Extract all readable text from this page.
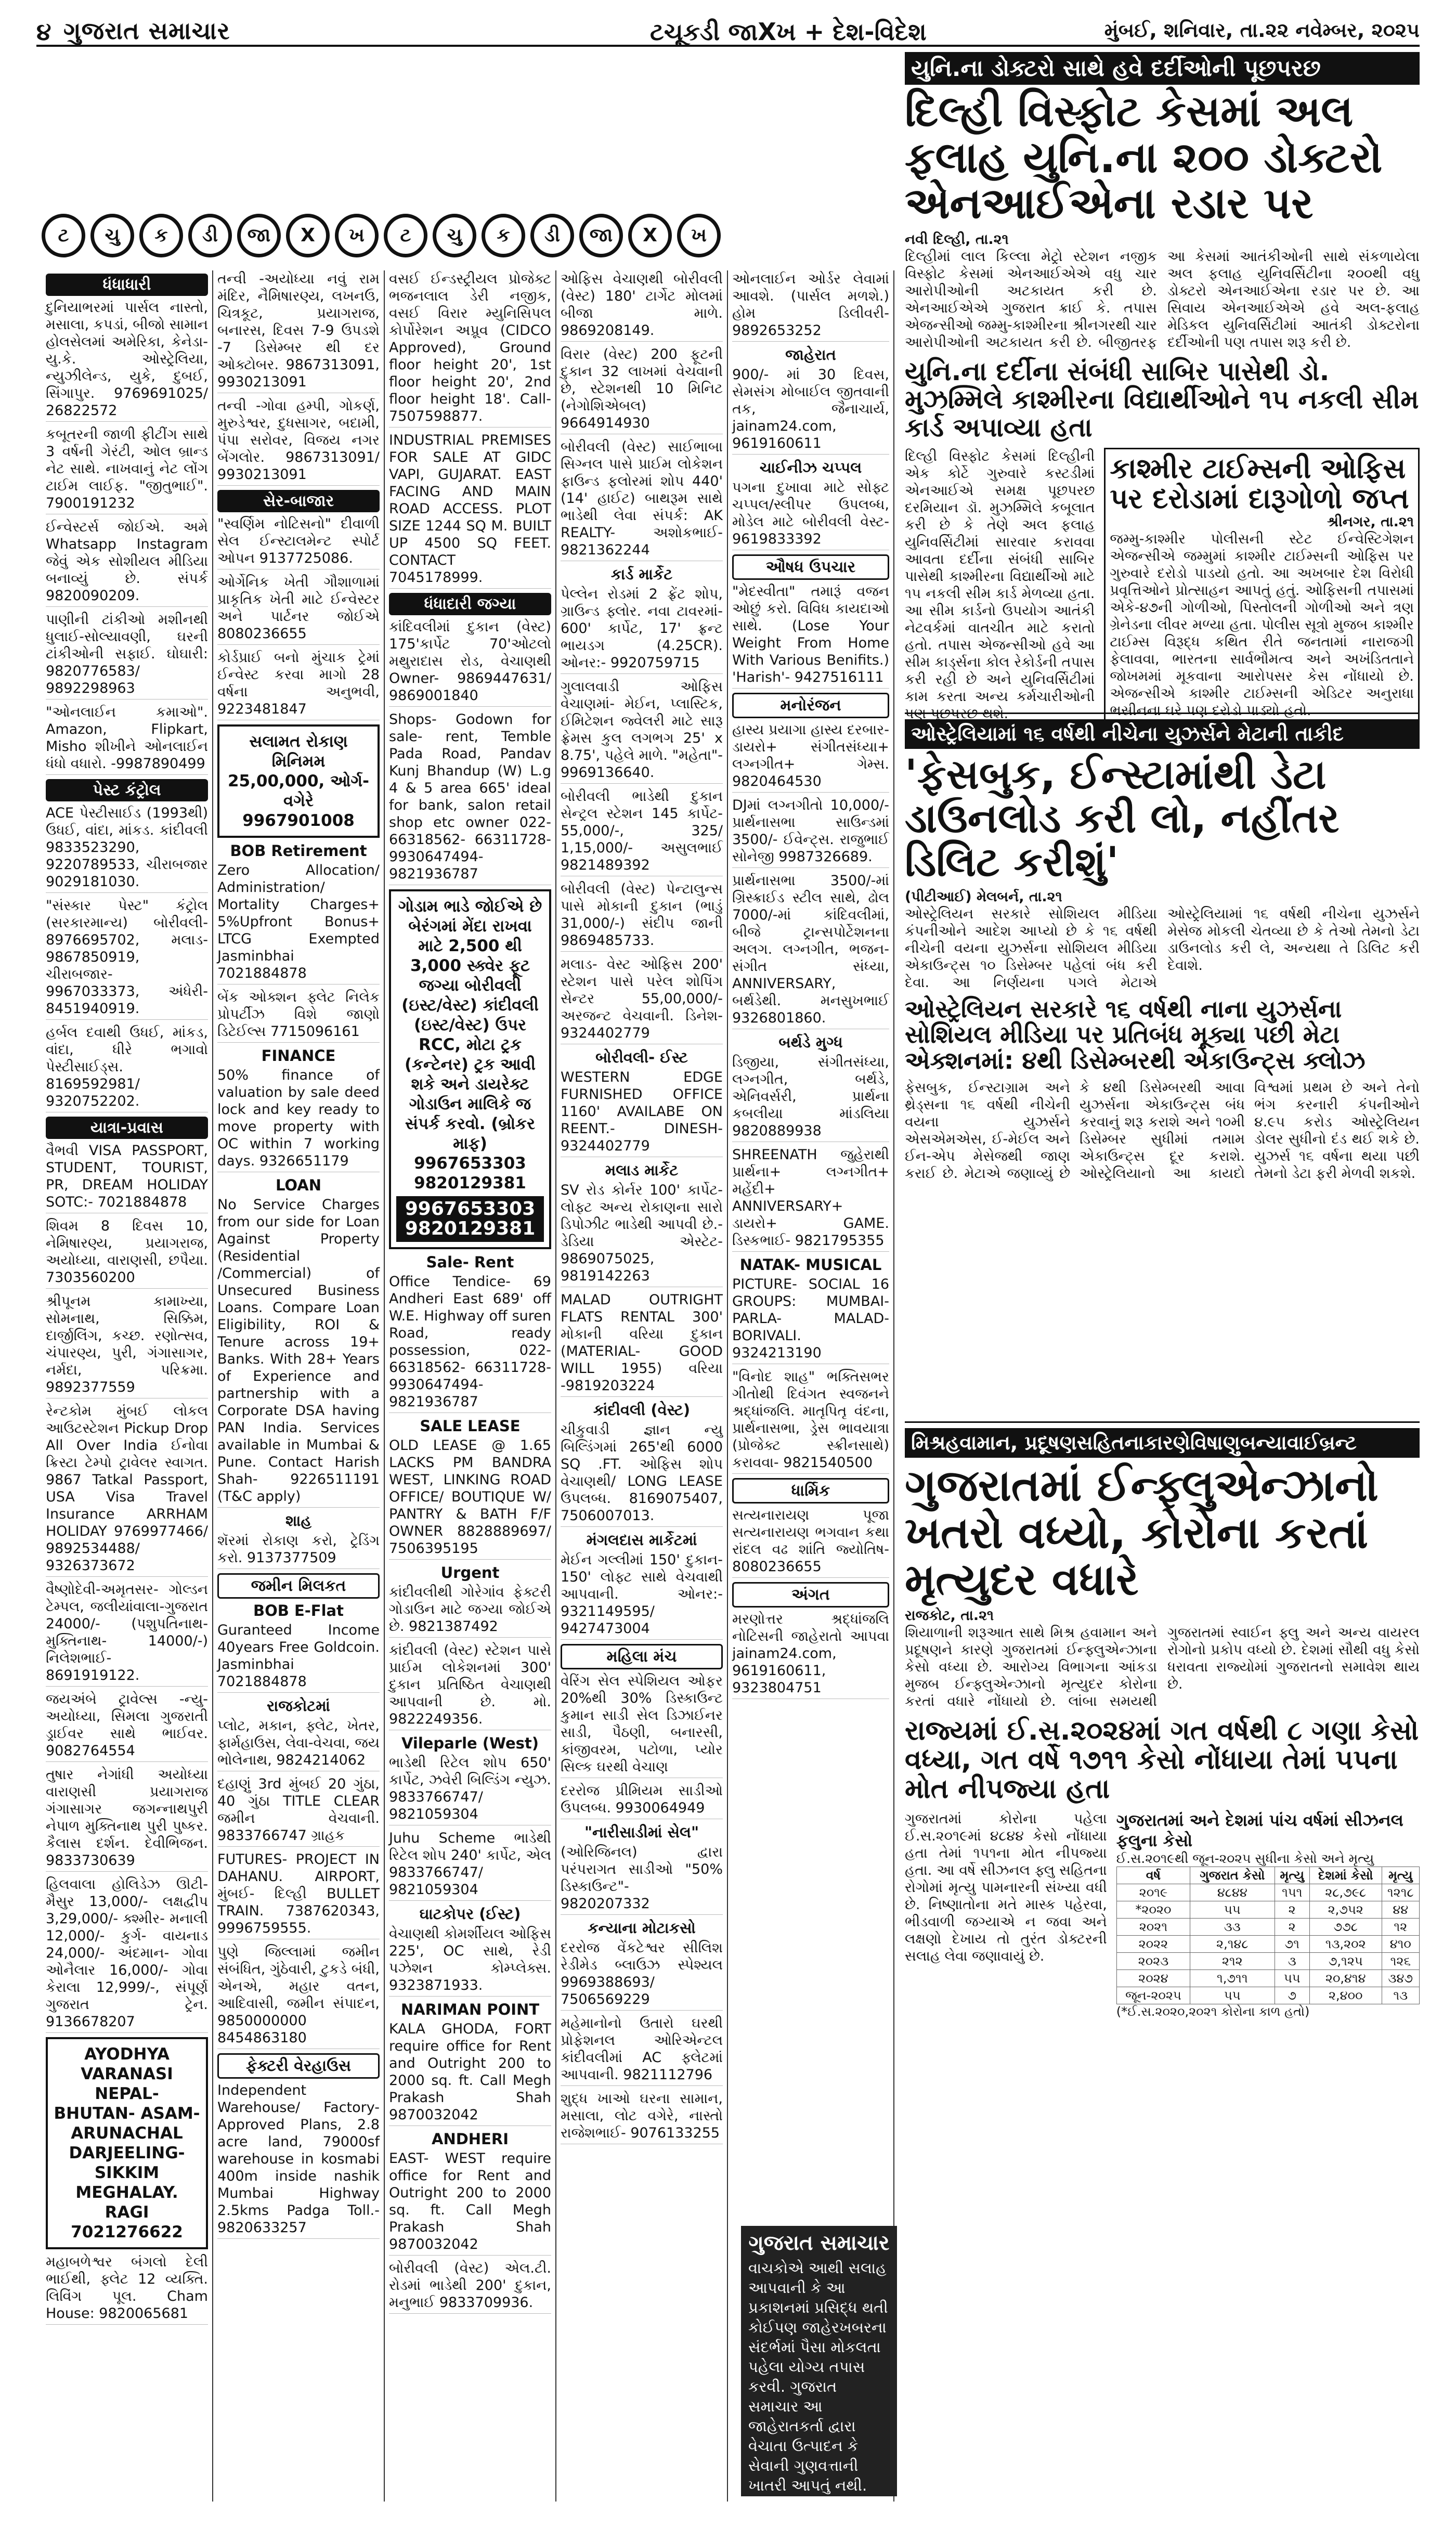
૪ ગુજરાત સમાચાર	ટચૂકડી જાXખ + દેશ-વિદેશ	મુંબઈ, શનિવાર, તા.૨૨ નવેમ્બર, ૨૦૨૫
ટ	ચુ	ક	ડી	જા	X	ખ	ટ	ચુ	ક	ડી	જા	X	ખ
ધંધાધારી
દુનિયાભરમાં પાર્સલ નાસ્તો, મસાલા, કપડાં, બીજો સામાન હોલસેલમાં અમેરિકા, કેનેડા-યુ.કે. ઓસ્ટ્રેલિયા, ન્યુઝીલેન્ડ, યુકે, દુબઈ, સિંગાપુર. 9769691025/ 26822572
કબૂતરની જાળી ફીટીંગ સાથે 3 વર્ષની ગેરંટી, ઓલ બ્રાન્ડ નેટ સાથે. નાખવાનું નેટ લોંગ ટાઈમ લાઈફ. "જીતુભાઈ". 7900191232
ઈન્વેસ્ટર્સ જોઈએ. અમે Whatsapp Instagram જેવું એક સોશીયલ મીડિયા બનાવ્યું છે. સંપર્ક 9820090209.
પાણીની ટાંકીઓ મશીનથી ધુલાઈ-સોલ્યાવણી, ઘરની ટાંકીઓની સફાઈ. ઘોઘારી: 9820776583/ 9892298963
"ઓનલાઈન કમાઓ". Amazon, Flipkart, Misho શીખીને ઓનલાઈન ધંધો વધારો. -9987890499
પેસ્ટ કંટ્રોલ
ACE પેસ્ટીસાઈડ (1993થી) ઉધઈ, વાંદા, માંકડ. કાંદીવલી 9833523290, 9220789533, ચીરાબજાર 9029181030.
"સંસ્કાર પેસ્ટ" કંટ્રોલ (સરકારમાન્ય) બોરીવલી- 8976695702, મલાડ- 9867850919, ચીરાબજાર- 9967033373, અંધેરી- 8451940919.
હર્બલ દવાથી ઉધઈ, માંકડ, વાંદા, ધીરે ભગાવો પેસ્ટીસાઈડ્સ. 8169592981/ 9320752202.
યાત્રા-પ્રવાસ
વૈભવી VISA PASSPORT, STUDENT, TOURIST, PR, DREAM HOLIDAY SOTC:- 7021884878
શિવમ 8 દિવસ 10, નેમિષારણ્ય, પ્રયાગરાજ, અયોધ્યા, વારાણસી, છપૈયા. 7303560200
શ્રીપૂનમ કામાખ્યા, સોમનાથ, સિક્કિમ, દાર્જીલિંગ, કચ્છ. રણોત્સવ, ચંપારણ્ય, પુરી, ગંગાસાગર, નર્મદા, પરિક્રમા. 9892377559
રેન્ટકોમ મુંબઈ લોકલ આઉટસ્ટેશન Pickup Drop All Over India ઈનોવા ક્રિસ્ટા ટેમ્પો ટ્રાવેલર સ્વાગત. 9867 Tatkal Passport, USA Visa Travel Insurance ARRHAM HOLIDAY 9769977466/ 9892534488/ 9326373672
વૈષ્ણોદેવી-અમૃતસર- ગોલ્ડન ટેમ્પલ, જલીયાંવાલા-ગુજરાત 24000/- (પશુપતિનાથ- મુક્તિનાથ- 14000/-) નિલેશભાઈ- 8691919122.
જયઅંબે ટ્રાવેલ્સ -ન્યુ-અયોધ્યા, સિમલા ગુજરાતી ડ્રાઈવર સાથે ભાઈવર. 9082764554
તુષાર નેગાંધી અયોધ્યા વારાણસી પ્રયાગરાજ ગંગાસાગર જગન્નાથપુરી નેપાળ મુક્તિનાથ પુરી પુષ્કર. કૈલાસ દર્શન. દેવીભિજન. 9833730639
હિલવાલા હોલિડેઝ ઊટી- મૈસુર 13,000/- લક્ષદ્વીપ 3,29,000/- ક્શ્મીર- મનાલી 12,000/- કુર્ગ- વાયનાડ 24,000/- અંદમાન- ગોવા ઓનૈલાર 16,000/- ગોવા કેરાલા 12,999/-, સંપૂર્ણ ગુજરાત ટ્રેન. 9136678207
AYODHYA VARANASI NEPAL- BHUTAN- ASAM- ARUNACHAL DARJEELING- SIKKIM MEGHALAY. RAGI 7021276622
મહાબળેશ્વર બંગલો દેલી ભાઈથી, ફ્લેટ 12 વ્યક્તિ. લિવિંગ પૂલ. Cham House: 9820065681
તન્વી -અયોધ્યા નવું રામ મંદિર, નૈમિષારણ્ય, લખનઉ, ચિત્રકૂટ, પ્રયાગરાજ, બનારસ, દિવસ 7-9 ઉપડશે -7 ડિસેમ્બર થી દર ઓક્ટોબર. 9867313091, 9930213091
તન્વી -ગોવા હમ્પી, ગોકર્ણ, મુરુડેશ્વર, દુધસાગર, બદામી, પંપા સરોવર, વિજય નગર બેંગલોર. 9867313091/ 9930213091
સેર-બાજાર
"સ્વર્ણિમ નોટિસનો" દીવાળી સેલ ઈન્સ્ટાલમેન્ટ સ્પોર્ટ ઓપન 9137725086.
ઓર્ગેનિક ખેતી ગૌશાળામાં પ્રાકૃતિક ખેતી માટે ઈન્વેસ્ટર અને પાર્ટનર જોઈએ 8080236655
કોર્ડપ્રાઈ બનો મુંચાક ટ્રેમાં ઈન્વેસ્ટ કરવા માગો 28 વર્ષના અનુભવી, 9223481847
સલામત રોકાણ મિનિમમ 25,00,000, ઓર્ગ-વગેરે 9967901008
BOB Retirement
Zero Allocation/ Administration/ Mortality Charges+ 5%Upfront Bonus+ LTCG Exempted Jasminbhai 7021884878
બેંક ઓક્શન ફ્લેટ નિલેક પ્રોપર્ટીઝ વિશે જાણો ડિટેઈલ્સ 7715096161
FINANCE
50% finance of valuation by sale deed lock and key ready to move property with OC within 7 working days. 9326651179
LOAN
No Service Charges from our side for Loan Against Property (Residential /Commercial) of Unsecured Business Loans. Compare Loan Eligibility, ROI & Tenure across 19+ Banks. With 28+ Years of Experience and partnership with a Corporate DSA having PAN India. Services available in Mumbai & Pune. Contact Harish Shah- 9226511191 (T&C apply)
શાહ
શૅરમાં રોકાણ કરો, ટ્રેડિંગ કરો. 9137377509
જમીન મિલકત
BOB E-Flat
Guranteed Income 40years Free Goldcoin. Jasminbhai 7021884878
રાજકોટમાં
પ્લોટ, મકાન, ફ્લેટ, ખેતર, ફાર્મહાઉસ, લેવા-વેચવા, જય ભોલેનાથ, 9824214062
દહાણું 3rd મુંબઈ 20 ગુંઠા, 40 ગુંઠા TITLE CLEAR જમીન વેચવાની. 9833766747 ગ્રાહક
FUTURES- PROJECT IN DAHANU. AIRPORT, મુંબઈ- દિલ્હી BULLET TRAIN. 7387620343, 9996759555.
પુણે જિલ્લામાં જમીન સંબંધિત, ગુંઠેવારી, ટુકડે બંધી, એનએ, મહાર વતન, આદિવાસી, જમીન સંપાદન, 9850000000 8454863180
ફેક્ટરી વેરહાઉસ
Independent Warehouse/ Factory- Approved Plans, 2.8 acre land, 79000sf warehouse in kosmabi 400m inside nashik Mumbai Highway 2.5kms Padga Toll.- 9820633257
વસઈ ઈન્ડસ્ટ્રીયલ પ્રોજેક્ટ ભજનલાલ ડેરી નજીક, વસઈ વિરાર મ્યુનિસિપલ કોર્પોરેશન અપ્રૂવ (CIDCO Approved), Ground floor height 20', 1st floor height 20', 2nd floor height 18'. Call- 7507598877.
INDUSTRIAL PREMISES FOR SALE AT GIDC VAPI, GUJARAT. EAST FACING AND MAIN ROAD ACCESS. PLOT SIZE 1244 SQ M. BUILT UP 4500 SQ FEET. CONTACT 7045178999.
ધંધાદારી જગ્યા
કાંદિવલીમાં દુકાન (વેસ્ટ) 175'કાર્પેટ 70'ઓટલો મથુરાદાસ રોડ, વેચાણથી Owner- 9869447631/ 9869001840
Shops- Godown for sale- rent, Temble Pada Road, Pandav Kunj Bhandup (W) L.g 4 & 5 area 665' ideal for bank, salon retail shop etc owner 022-66318562- 66311728- 9930647494- 9821936787
ગોડામ ભાડે જોઈએ છે બેરંગમાં મેંદા રાખવા માટે 2,500 થી 3,000 સ્ક્વેર ફૂટ જગ્યા બોરીવલી (ઇસ્ટ/વેસ્ટ) કાંદીવલી (ઇસ્ટ/વેસ્ટ) ઉપર RCC, મોટા ટ્રક (કન્ટેનર) ટ્રક આવી શકે અને ડાયરેક્ટ ગોડાઉન માલિકે જ સંપર્ક કરવો. (બ્રોકર માફ) 9967653303 9820129381
9967653303 9820129381
Sale- Rent
Office Tendice- 69 Andheri East 689' off W.E. Highway off suren Road, ready possession, 022-66318562- 66311728- 9930647494- 9821936787
SALE LEASE
OLD LEASE @ 1.65 LACKS PM BANDRA WEST, LINKING ROAD OFFICE/ BOUTIQUE W/ PANTRY & BATH F/F OWNER 8828889697/ 7506395195
Urgent
કાંદીવલીથી ગોરેગાંવ ફેક્ટરી ગોડાઉન માટે જગ્યા જોઈએ છે. 9821387492
કાંદીવલી (વેસ્ટ) સ્ટેશન પાસે પ્રાઈમ લોકેશનમાં 300' દુકાન પ્રતિષ્ઠિત વેચાણથી આપવાની છે. મો. 9822249356.
Vileparle (West)
ભાડેથી રિટેલ શોપ 650' કાર્પેટ, ઝવેરી બિલ્ડિંગ ન્યુઝ. 9833766747/ 9821059304
Juhu Scheme ભાડેથી રિટેલ શોપ 240' કાર્પેટ, એલ 9833766747/ 9821059304
ઘાટકોપર (ઈસ્ટ)
વેચાણથી કોમર્શીયલ ઓફિસ 225', OC સાથે, રેડી પઝેશન કોમ્પ્લેક્સ. 9323871933.
NARIMAN POINT
KALA GHODA, FORT require office for Rent and Outright 200 to 2000 sq. ft. Call Megh Prakash Shah 9870032042
ANDHERI
EAST- WEST require office for Rent and Outright 200 to 2000 sq. ft. Call Megh Prakash Shah 9870032042
બોરીવલી (વેસ્ટ) એલ.ટી. રોડમાં ભાડેથી 200' દુકાન, મનુભાઈ 9833709936.
ઓફિસ વેચાણથી બોરીવલી (વેસ્ટ) 180' ટાર્ગેટ મોલમાં બીજા માળે. 9869208149.
વિરાર (વેસ્ટ) 200 ફૂટની દુકાન 32 લાખમાં વેચવાની છે, સ્ટેશનથી 10 મિનિટ (નેગોશિએબલ) 9664914930
બોરીવલી (વેસ્ટ) સાઈભાબા સિગ્નલ પાસે પ્રાઈમ લોકેશન ફાઉન્ડ ફલોરમાં શોપ 440' (14' હાઈટ) બાથરૂમ સાથે ભાડેથી લેવા સંપર્ક: AK REALTY- અશોકભાઈ- 9821362244
કાર્ડ માર્કેટ
પેલ્લેન રોડમાં 2 ફ્રેંટ શોપ, ગ્રાઉન્ડ ફ્લોર. નવા ટાવરમાં- 600' કાર્પેટ, 17' ફ્રન્ટ ભાયડગ (4.25CR). ઓનર:- 9920759715
ગુલાલવાડી ઓફિસ વેચાણમાં- મેઈન, પ્લાસ્ટિક, ઈમિટેશન જ્વેલરી માટે સારૂ ફ્રેમસ કુલ લગભગ 25' x 8.75', પહેલે માળે. "મહેતા"- 9969136640.
બોરીવલી ભાડેથી દુકાન સેન્ટ્રલ સ્ટેશન 145 કાર્પેટ- 55,000/-, 325/ 1,15,000/- અસુલભાઈ 9821489392
બોરીવલી (વેસ્ટ) પેન્ટાલુન્સ પાસે મોકાની દુકાન (ભાડું 31,000/-) સંદીપ જાની 9869485733.
મલાડ- વેસ્ટ ઓફિસ 200' સ્ટેશન પાસે પરેલ શોપિંગ સેન્ટર 55,00,000/- અરજન્ટ વેચવાની. ડિનેશ- 9324402779
બોરીવલી- ઈસ્ટ
WESTERN EDGE FURNISHED OFFICE 1160' AVAILABE ON REENT.- DINESH- 9324402779
મલાડ માર્કેટ
SV રોડ કોર્નર 100' કાર્પેટ-લોફ્ટ અન્ય રોકાણના સારો ડિપોઝીટ ભાડેથી આપવી છે.- ડેડિયા એસ્ટેટ- 9869075025, 9819142263
MALAD OUTRIGHT FLATS RENTAL 300' મોકાની વરિયા દુકાન (MATERIAL- GOOD WILL 1955) વરિયા -9819203224
કાંદીવલી (વેસ્ટ)
ચીકુવાડી જ્ઞાન ન્યુ બિલ્ડિંગમાં 265'થી 6000 SQ .FT. ઓફિસ શોપ વેચાણથી/ LONG LEASE ઉપલબ્ધ. 8169075407, 7506007013.
મંગલદાસ માર્કેટમાં
મેઈન ગલ્લીમાં 150' દુકાન- 150' લોફ્ટ સાથે વેચવાથી આપવાની. ઓનર:- 9321149595/ 9427473004
મહિલા મંચ
વેરિંગ સેલ સ્પેશિયલ ઓફર 20%થી 30% ડિસ્કાઉન્ટ કુમાન સાડી સેલ ડિઝાઈનર સાડી, પૈઠણી, બનારસી, કાંજીવરમ, પટોળા, પ્યોર સિલ્ક ઘરથી વેચાણ
દરરોજ પ્રીમિયમ સાડીઓ ઉપલબ્ધ. 9930064949
"નારીસાડીમાં સેલ"
(ઓરિજિનલ) દ્વારા પરંપરાગત સાડીઓ "50% ડિસ્કાઉન્ટ"- 9820207332
કન્યાના મોટાકસો
દરરોજ વેંકટેશ્વર સીલિશ રેડીમેડ બ્લાઉઝ સ્પેશ્યલ 9969388693/ 7506569229
મહેમાનોનો ઉતારો ઘરથી પ્રોફેશનલ ઓરિએન્ટલ કાંદીવલીમાં AC ફ્લેટમાં આપવાની. 9821112796
શુદ્ધ ખાઓ ઘરના સામાન, મસાલા, લોટ વગેરે, નાસ્તો રાજેશભાઈ- 9076133255
ઓનલાઈન ઓર્ડર લેવામાં આવશે. (પાર્સલ મળશે.) હોમ ડિલીવરી- 9892653252
જાહેરાત
900/- માં 30 દિવસ, સેમસંગ મોબાઈલ જીતવાની તક, જૈનાચાર્ય, jainam24.com, 9619160611
ચાઈનીઝ ચપ્પલ
પગના દુખાવા માટે સોફ્ટ ચપ્પલ/સ્લીપર ઉપલબ્ધ, મોડેલ માટે બોરીવલી વેસ્ટ- 9619833392
ઔષધ ઉપચાર
"મેદસ્વીતા" તમારૂં વજન ઓછું કરો. વિવિધ કાયદાઓ સાથે. (Lose Your Weight From Home With Various Benifits.) 'Harish'- 9427516111
મનોરંજન
હાસ્ય પ્રયાગા હાસ્ય દરબાર- ડાયરો+ સંગીતસંધ્યા+ લગ્નગીત+ ગેમ્સ. 9820464530
DJમાં લગ્નગીતો 10,000/- પ્રાર્થનાસભા સાઉન્ડમાં 3500/- ઈવેન્ટ્સ. રાજુભાઈ સોનેજી 9987326689.
પ્રાર્થનાસભા 3500/-માં ગ્રિસ્ક્રાઈડ સ્ટીલ સાથે, ઢોલ 7000/-માં કાંદિવલીમાં, બીજે ટ્રાન્સપોર્ટેશનના અલગ. લગ્નગીત, ભજન- સંગીત સંધ્યા, ANNIVERSARY, બર્થડેથી. મનસુખભાઈ 9326801860.
બર્થડે મુગ્ધ
ડિજીયા, સંગીતસંધ્યા, લગ્નગીત, બર્થડે, એનિવર્સરી, પ્રાર્થના કબલીયા માંડલિયા 9820889938
SHREENATH જુહેરાથી પ્રાર્થના+ લગ્નગીત+ મહેંદી+ ANNIVERSARY+ ડાયરો+ GAME. ડિસ્કભાઈ- 9821795355
NATAK- MUSICAL
PICTURE- SOCIAL 16 GROUPS: MUMBAI- PARLA- MALAD- BORIVALI. 9324213190
"વિનોદ શાહ" ભક્તિસભર ગીતોથી દિવંગત સ્વજનને શ્રદ્ધાંજલિ. માતૃપિતૃ વંદના, પ્રાર્થનાસભા, ડ્રેસ ભાવયાત્રા (પ્રોજેક્ટ સ્ક્રીનસાથે) કરાવવા- 9821540500
ધાર્મિક
સત્યનારાયણ પૂજા સત્યનારાયણ ભગવાન કથા રાંદલ વઢ શાંતિ જ્યોતિષ- 8080236655
અંગત
મરણોત્તર શ્રદ્ધાંજલિ નોટિસની જાહેરાતો આપવા jainam24.com, 9619160611, 9323804751
ગુજરાત સમાચાર
વાચકોએ આથી સલાહ આપવાની કે આ પ્રકાશનમાં પ્રસિદ્ધ થતી કોઈપણ જાહેરખબરના સંદર્ભમાં પૈસા મોકલતા પહેલા યોગ્ય તપાસ કરવી. ગુજરાત સમાચાર આ જાહેરાતકર્તા દ્વારા વેચાતા ઉત્પાદન કે સેવાની ગુણવત્તાની ખાતરી આપતું નથી.
યુનિ.ના ડોક્ટરો સાથે હવે દર્દીઓની પૂછપરછ
દિલ્હી વિસ્ફોટ કેસમાં અલ ફલાહ યુનિ.ના ૨૦૦ ડોક્ટરો એનઆઈએના રડાર પર
નવી દિલ્હી, તા.૨૧
દિલ્હીમાં લાલ કિલ્લા મેટ્રો સ્ટેશન નજીક વિસ્ફોટ કેસમાં એનઆઈએએ વધુ ચાર આરોપીઓની અટકાયત કરી છે. એનઆઈએએ ગુજરાત ક્રાઈ કે. તપાસ એજન્સીઓ જમ્મુ-કાશ્મીરના શ્રીનગરથી ચાર આરોપીઓની અટકાયત કરી છે. બીજીતરફ આ કેસમાં આતંકીઓની સાથે સંકળાયેલા અલ ફલાહ યુનિવર્સિટીના ૨૦૦થી વધુ ડોક્ટરો એનઆઈએના રડાર પર છે. આ સિવાય એનઆઈએએ હવે અલ-ફલાહ મેડિકલ યુનિવર્સિટીમાં આતંકી ડોક્ટરોના દર્દીઓની પણ તપાસ શરૂ કરી છે.
યુનિ.ના દર્દીના સંબંધી સાબિર પાસેથી ડો. મુઝમ્મિલે કાશ્મીરના વિદ્યાર્થીઓને ૧૫ નકલી સીમ કાર્ડ અપાવ્યા હતા
દિલ્હી વિસ્ફોટ કેસમાં દિલ્હીની એક કોર્ટે ગુરુવારે કસ્ટડીમાં એનઆઈએ સમક્ષ પૂછપરછ દરમિયાન ડૉ. મુઝમ્મિલે કબૂલાત કરી છે કે તેણે અલ ફલાહ યુનિવર્સિટીમાં સારવાર કરાવવા આવતા દર્દીના સંબંધી સાબિર પાસેથી કાશ્મીરના વિદ્યાર્થીઓ માટે ૧૫ નકલી સીમ કાર્ડ મેળવ્યા હતા. આ સીમ કાર્ડનો ઉપયોગ આતંકી નેટવર્કમાં વાતચીત માટે કરાતો હતો. તપાસ એજન્સીઓ હવે આ સીમ કાર્ડ્સના કોલ રેકોર્ડની તપાસ કરી રહી છે અને યુનિવર્સિટીમાં કામ કરતા અન્ય કર્મચારીઓની પણ પૂછપરછ થશે.
કાશ્મીર ટાઈમ્સની ઓફિસ પર દરોડામાં દારૂગોળો જપ્ત
શ્રીનગર, તા.૨૧
જમ્મુ-કાશ્મીર પોલીસની સ્ટેટ ઈન્વેસ્ટિગેશન એજન્સીએ જમ્મુમાં કાશ્મીર ટાઈમ્સની ઓફિસ પર ગુરુવારે દરોડો પાડયો હતો. આ અખબાર દેશ વિરોધી પ્રવૃત્તિઓને પ્રોત્સાહન આપતું હતું. ઓફિસની તપાસમાં એકે-૪૭ની ગોળીઓ, પિસ્તોલની ગોળીઓ અને ત્રણ ગ્રેનેડના લીવર મળ્યા હતા. પોલીસ સૂત્રો મુજબ કાશ્મીર ટાઈમ્સ વિરૂદ્ધ કથિત રીતે જનતામાં નારાજગી ફેલાવવા, ભારતના સાર્વભૌમત્વ અને અખંડિતતાને જોખમમાં મૂકવાના આરોપસર કેસ નોંધાયો છે. એજન્સીએ કાશ્મીર ટાઈમ્સની એડિટર અનુરાધા ભસીનના ઘરે પણ દરોડો પાડ્યો હતો.
ઓસ્ટ્રેલિયામાં ૧૬ વર્ષથી નીચેના યુઝર્સને મેટાની તાકીદ
'ફેસબુક, ઈન્સ્ટામાંથી ડેટા ડાઉનલોડ કરી લો, નહીંતર ડિલિટ કરીશું'
(પીટીઆઈ) મેલબર્ન, તા.૨૧
ઓસ્ટ્રેલિયન સરકારે સોશિયલ મીડિયા કંપનીઓને આદેશ આપ્યો છે કે ૧૬ વર્ષથી નીચેની વયના યુઝર્સના સોશિયલ મીડિયા એકાઉન્ટ્સ ૧૦ ડિસેમ્બર પહેલાં બંધ કરી દેવા. આ નિર્ણયના પગલે મેટાએ ઓસ્ટ્રેલિયામાં ૧૬ વર્ષથી નીચેના યુઝર્સને મેસેજ મોકલી ચેતવ્યા છે કે તેઓ તેમનો ડેટા ડાઉનલોડ કરી લે, અન્યથા તે ડિલિટ કરી દેવાશે.
ઓસ્ટ્રેલિયન સરકારે ૧૬ વર્ષથી નાના યુઝર્સના સોશિયલ મીડિયા પર પ્રતિબંધ મૂક્યા પછી મેટા એક્શનમાં: ૪થી ડિસેમ્બરથી એકાઉન્ટ્સ ક્લોઝ
ફેસબુક, ઈન્સ્ટાગ્રામ અને થ્રેડ્સના ૧૬ વર્ષથી નીચેની વયના યુઝર્સને એસએમએસ, ઈ-મેઈલ અને ઈન-એપ મેસેજથી જાણ કરાઈ છે. મેટાએ જણાવ્યું છે કે ૪થી ડિસેમ્બરથી આવા યુઝર્સના એકાઉન્ટ્સ બંધ કરવાનું શરૂ કરાશે અને ૧૦મી ડિસેમ્બર સુધીમાં તમામ એકાઉન્ટ્સ દૂર કરાશે. ઓસ્ટ્રેલિયાનો આ કાયદો વિશ્વમાં પ્રથમ છે અને તેનો ભંગ કરનારી કંપનીઓને ૪.૯૫ કરોડ ઓસ્ટ્રેલિયન ડોલર સુધીનો દંડ થઈ શકે છે. યુઝર્સ ૧૬ વર્ષના થયા પછી તેમનો ડેટા ફરી મેળવી શકશે.
મિશ્રહવામાન, પ્રદૂષણસહિતનાકારણેવિષાણુબન્યાવાઈબ્રન્ટ
ગુજરાતમાં ઈન્ફ્લુએન્ઝાનો ખતરો વધ્યો, કોરોના કરતાં મૃત્યુદર વધારે
રાજકોટ, તા.૨૧
શિયાળાની શરૂઆત સાથે મિશ્ર હવામાન અને પ્રદૂષણને કારણે ગુજરાતમાં ઈન્ફ્લુએન્ઝાના કેસો વધ્યા છે. આરોગ્ય વિભાગના આંકડા મુજબ ઈન્ફ્લુએન્ઝાનો મૃત્યુદર કોરોના કરતાં વધારે નોંધાયો છે. લાંબા સમયથી ગુજરાતમાં સ્વાઈન ફ્લુ અને અન્ય વાયરલ રોગોનો પ્રકોપ વધ્યો છે. દેશમાં સૌથી વધુ કેસો ધરાવતા રાજ્યોમાં ગુજરાતનો સમાવેશ થાય છે.
રાજ્યમાં ઈ.સ.૨૦૨૪માં ગત વર્ષથી ૮ ગણા કેસો વધ્યા, ગત વર્ષે ૧૭૧૧ કેસો નોંધાયા તેમાં ૫૫ના મોત નીપજ્યા હતા
ગુજરાતમાં કોરોના પહેલા ઈ.સ.૨૦૧૯માં ૪૮૪૪ કેસો નોંધાયા હતા તેમાં ૧૫૧ના મોત નીપજ્યા હતા. આ વર્ષે સીઝનલ ફ્લુ સહિતના રોગોમાં મૃત્યુ પામનારની સંખ્યા વધી છે. નિષ્ણાતોના મતે માસ્ક પહેરવા, ભીડવાળી જગ્યાએ ન જવા અને લક્ષણો દેખાય તો તુરંત ડોક્ટરની સલાહ લેવા જણાવાયું છે.
ગુજરાતમાં અને દેશમાં પાંચ વર્ષમાં સીઝનલ ફલુના કેસો
ઈ.સ.૨૦૧૯થી જૂન-૨૦૨૫ સુધીના કેસો અને મૃત્યુ
વર્ષ	ગુજરાત કેસો	મૃત્યુ	દેશમાં કેસો	મૃત્યુ
૨૦૧૯	૪૮૪૪	૧૫૧	૨૮,૭૯૮	૧૨૧૮
*૨૦૨૦	૫૫	૨	૨,૭૫૨	૪૪
૨૦૨૧	૩૩	૨	૭૭૮	૧૨
૨૦૨૨	૨,૧૪૮	૭૧	૧૩,૨૦૨	૪૧૦
૨૦૨૩	૨૧૨	૩	૭,૧૨૫	૧૨૬
૨૦૨૪	૧,૭૧૧	૫૫	૨૦,૪૧૪	૩૪૭
જૂન-૨૦૨૫	૫૫	૭	૨,૪૦૦	૧૩
(*ઈ.સ.૨૦૨૦,૨૦૨૧ કોરોના કાળ હતો)
